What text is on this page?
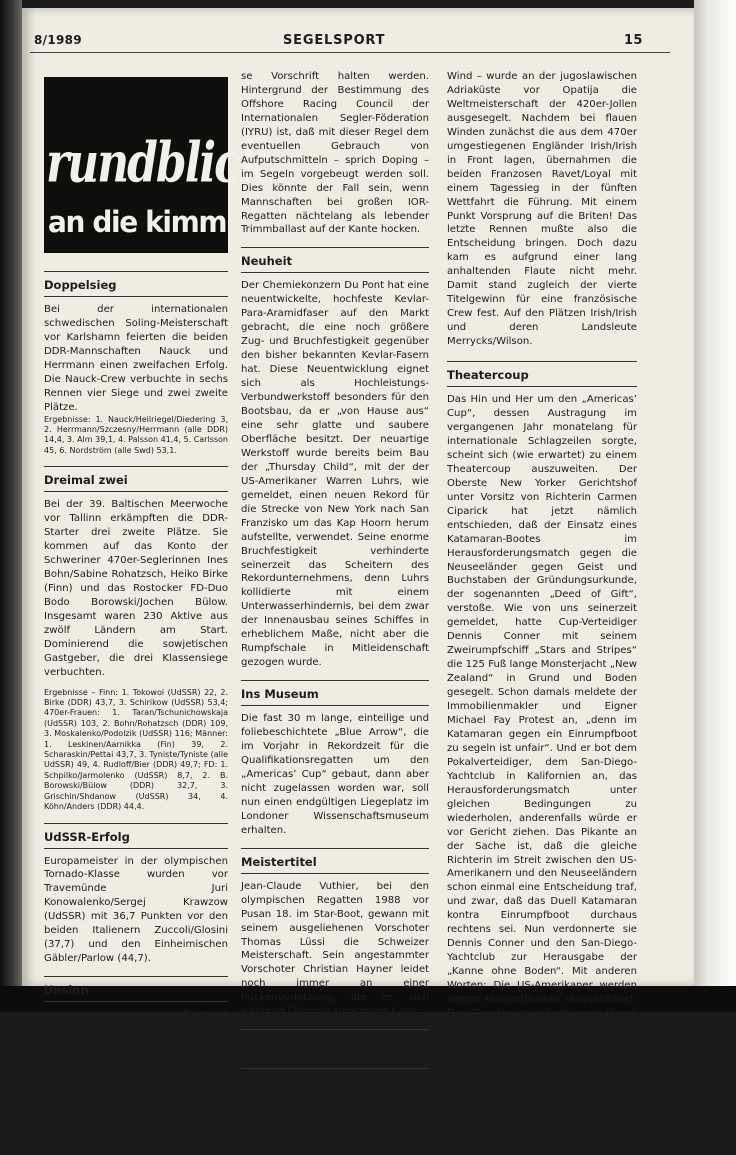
8/1989	SEGELSPORT	15
rundblick
an die kimm
Doppelsieg

Bei der internationalen schwedischen Soling-Meisterschaft vor Karlshamn feierten die beiden DDR-Mannschaften Nauck und Herrmann einen zweifachen Erfolg. Die Nauck-Crew verbuchte in sechs Rennen vier Siege und zwei zweite Plätze.

Ergebnisse: 1. Nauck/Heilriegel/Diedering 3, 2. Herrmann/Szczesny/Herrmann (alle DDR) 14,4, 3. Alm 39,1, 4. Palsson 41,4, 5. Carlsson 45, 6. Nordström (alle Swd) 53,1.

Dreimal zwei

Bei der 39. Baltischen Meerwoche vor Tallinn erkämpften die DDR-Starter drei zweite Plätze. Sie kommen auf das Konto der Schweriner 470er-Seglerinnen Ines Bohn/Sabine Rohatzsch, Heiko Birke (Finn) und das Rostocker FD-Duo Bodo Borowski/Jochen Bülow. Insgesamt waren 230 Aktive aus zwölf Ländern am Start. Dominierend die sowjetischen Gastgeber, die drei Klassensiege verbuchten.

Ergebnisse – Finn: 1. Tokowoi (UdSSR) 22, 2. Birke (DDR) 43,7, 3. Schirikow (UdSSR) 53,4; 470er-Frauen: 1. Taran/Tschunichowskaja (UdSSR) 103, 2. Bohn/Rohatzsch (DDR) 109, 3. Moskalenko/Podolzik (UdSSR) 116; Männer: 1. Leskinen/Aarnikka (Fin) 39, 2. Scharaskin/Pettai 43,7, 3. Tyniste/Tyniste (alle UdSSR) 49, 4. Rudloff/Bier (DDR) 49,7; FD: 1. Schpilko/Jarmolenko (UdSSR) 8,7, 2. B. Borowski/Bülow (DDR) 32,7, 3. Grischin/Shdanow (UdSSR) 34, 4. Köhn/Anders (DDR) 44,4.

UdSSR-Erfolg

Europameister in der olympischen Tornado-Klasse wurden vor Travemünde Juri Konowalenko/Sergej Krawzow (UdSSR) mit 36,7 Punkten vor den beiden Italienern Zuccoli/Glosini (37,7) und den Einheimischen Gäbler/Parlow (44,7).

Unsinn

Gleich nachdem sie veröffentlicht wurde, erklärten die Australier die neue IOR-Regel, die ein Beine-über-Bord-Verbot für Nachtfahrten beinhaltet, für Unsinn. Und sie fügten hinzu, daß sie sich auch nicht an die-

se Vorschrift halten werden. Hintergrund der Bestimmung des Offshore Racing Council der Internationalen Segler-Föderation (IYRU) ist, daß mit dieser Regel dem eventuellen Gebrauch von Aufputschmitteln – sprich Doping – im Segeln vorgebeugt werden soll. Dies könnte der Fall sein, wenn Mannschaften bei großen IOR-Regatten nächtelang als lebender Trimmballast auf der Kante hocken.

Neuheit

Der Chemiekonzern Du Pont hat eine neuentwickelte, hochfeste Kevlar-Para-Aramidfaser auf den Markt gebracht, die eine noch größere Zug- und Bruchfestigkeit gegenüber den bisher bekannten Kevlar-Fasern hat. Diese Neuentwicklung eignet sich als Hochleistungs-Verbundwerkstoff besonders für den Bootsbau, da er „von Hause aus“ eine sehr glatte und saubere Oberfläche besitzt. Der neuartige Werkstoff wurde bereits beim Bau der „Thursday Child“, mit der der US-Amerikaner Warren Luhrs, wie gemeldet, einen neuen Rekord für die Strecke von New York nach San Franzisko um das Kap Hoorn herum aufstellte, verwendet. Seine enorme Bruchfestigkeit verhinderte seinerzeit das Scheitern des Rekordunternehmens, denn Luhrs kollidierte mit einem Unterwasserhindernis, bei dem zwar der Innenausbau seines Schiffes in erheblichem Maße, nicht aber die Rumpfschale in Mitleidenschaft gezogen wurde.

Ins Museum

Die fast 30 m lange, einteilige und foliebeschichtete „Blue Arrow“, die im Vorjahr in Rekordzeit für die Qualifikationsregatten um den „Americas’ Cup“ gebaut, dann aber nicht zugelassen worden war, soll nun einen endgültigen Liegeplatz im Londoner Wissenschaftsmuseum erhalten.

Meistertitel

Jean-Claude Vuthier, bei den olympischen Regatten 1988 vor Pusan 18. im Star-Boot, gewann mit seinem ausgeliehenen Vorschoter Thomas Lüssi die Schweizer Meisterschaft. Sein angestammter Vorschoter Christian Hayner leidet noch immer an einer Rückenverletzung, die er sich während Olympia zugezogen hatte.

Zum vierten Mal:
Franzosensieg

Unter sehr ungünstigen Wetterbedingungen – zumeist fehlte der

Wind – wurde an der jugoslawischen Adriaküste vor Opatija die Weltmeisterschaft der 420er-Jollen ausgesegelt. Nachdem bei flauen Winden zunächst die aus dem 470er umgestiegenen Engländer Irish/Irish in Front lagen, übernahmen die beiden Franzosen Ravet/Loyal mit einem Tagessieg in der fünften Wettfahrt die Führung. Mit einem Punkt Vorsprung auf die Briten! Das letzte Rennen mußte also die Entscheidung bringen. Doch dazu kam es aufgrund einer lang anhaltenden Flaute nicht mehr. Damit stand zugleich der vierte Titelgewinn für eine französische Crew fest. Auf den Plätzen Irish/Irish und deren Landsleute Merrycks/Wilson.

Theatercoup

Das Hin und Her um den „Americas’ Cup“, dessen Austragung im vergangenen Jahr monatelang für internationale Schlagzeilen sorgte, scheint sich (wie erwartet) zu einem Theatercoup auszuweiten. Der Oberste New Yorker Gerichtshof unter Vorsitz von Richterin Carmen Ciparick hat jetzt nämlich entschieden, daß der Einsatz eines Katamaran-Bootes im Herausforderungsmatch gegen die Neuseeländer gegen Geist und Buchstaben der Gründungsurkunde, der sogenannten „Deed of Gift“, verstoße. Wie von uns seinerzeit gemeldet, hatte Cup-Verteidiger Dennis Conner mit seinem Zweirumpfschiff „Stars and Stripes“ die 125 Fuß lange Monsterjacht „New Zealand“ in Grund und Boden gesegelt. Schon damals meldete der Immobilienmakler und Eigner Michael Fay Protest an, „denn im Katamaran gegen ein Einrumpfboot zu segeln ist unfair“. Und er bot dem Pokalverteidiger, dem San-Diego-Yachtclub in Kalifornien an, das Herausforderungsmatch unter gleichen Bedingungen zu wiederholen, anderenfalls würde er vor Gericht ziehen. Das Pikante an der Sache ist, daß die gleiche Richterin im Streit zwischen den US-Amerikanern und den Neuseeländern schon einmal eine Entscheidung traf, und zwar, daß das Duell Katamaran kontra Einrumpfboot durchaus rechtens sei. Nun verdonnerte sie Dennis Conner und den San-Diego-Yachtclub zur Herausgabe der „Kanne ohne Boden“. Mit anderen Worten: Die US-Amerikaner werden wegen Unsportlichkeit disqualifiziert. Das Theater ist jedoch noch längst nicht zu Ende, denn nun hat der SDYC angekündigt, in die Berufung zu gehen. Obwohl sich die Richterin im eigenen Lande die Stimmen kompetenter Kenner der Szene mehren, daß Conners Trick im vergangenen Jahr „nicht nur gegen die Regeln, sondern auch gegen die guten Sitten“ verstoßen habe.
